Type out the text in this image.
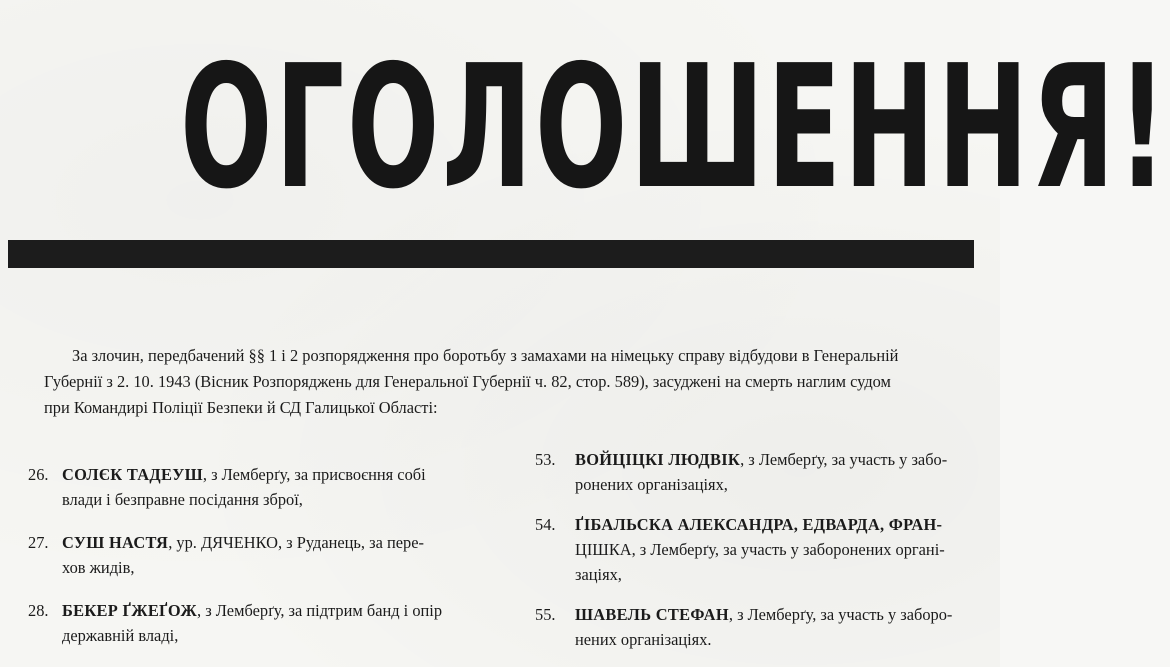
ОГОЛОШЕННЯ!

За злочин, передбачений §§ 1 і 2 розпорядження про боротьбу з замахами на німецьку справу відбудови в Генеральній
Губернії з 2. 10. 1943 (Вісник Розпоряджень для Генеральної Губернії ч. 82, стор. 589), засуджені на смерть наглим судом
при Командирі Поліції Безпеки й СД Галицької Області:

26. СОЛЄК ТАДЕУШ, з Лемберґу, за присвоєння собі
влади і безправне посідання зброї,
27. СУШ НАСТЯ, ур. ДЯЧЕНКО, з Руданець, за пере-
хов жидів,
28. БЕКЕР ҐЖЕҐОЖ, з Лемберґу, за підтрим банд і опір
державній владі,
53. ВОЙЦІЦКІ ЛЮДВІК, з Лемберґу, за участь у забо-
ронених організаціях,
54. ҐІБАЛЬСКА АЛЕКСАНДРА, ЕДВАРДА, ФРАН-
ЦІШКА, з Лемберґу, за участь у заборонених органі-
заціях,
55. ШАВЕЛЬ СТЕФАН, з Лемберґу, за участь у заборо-
нених організаціях.
